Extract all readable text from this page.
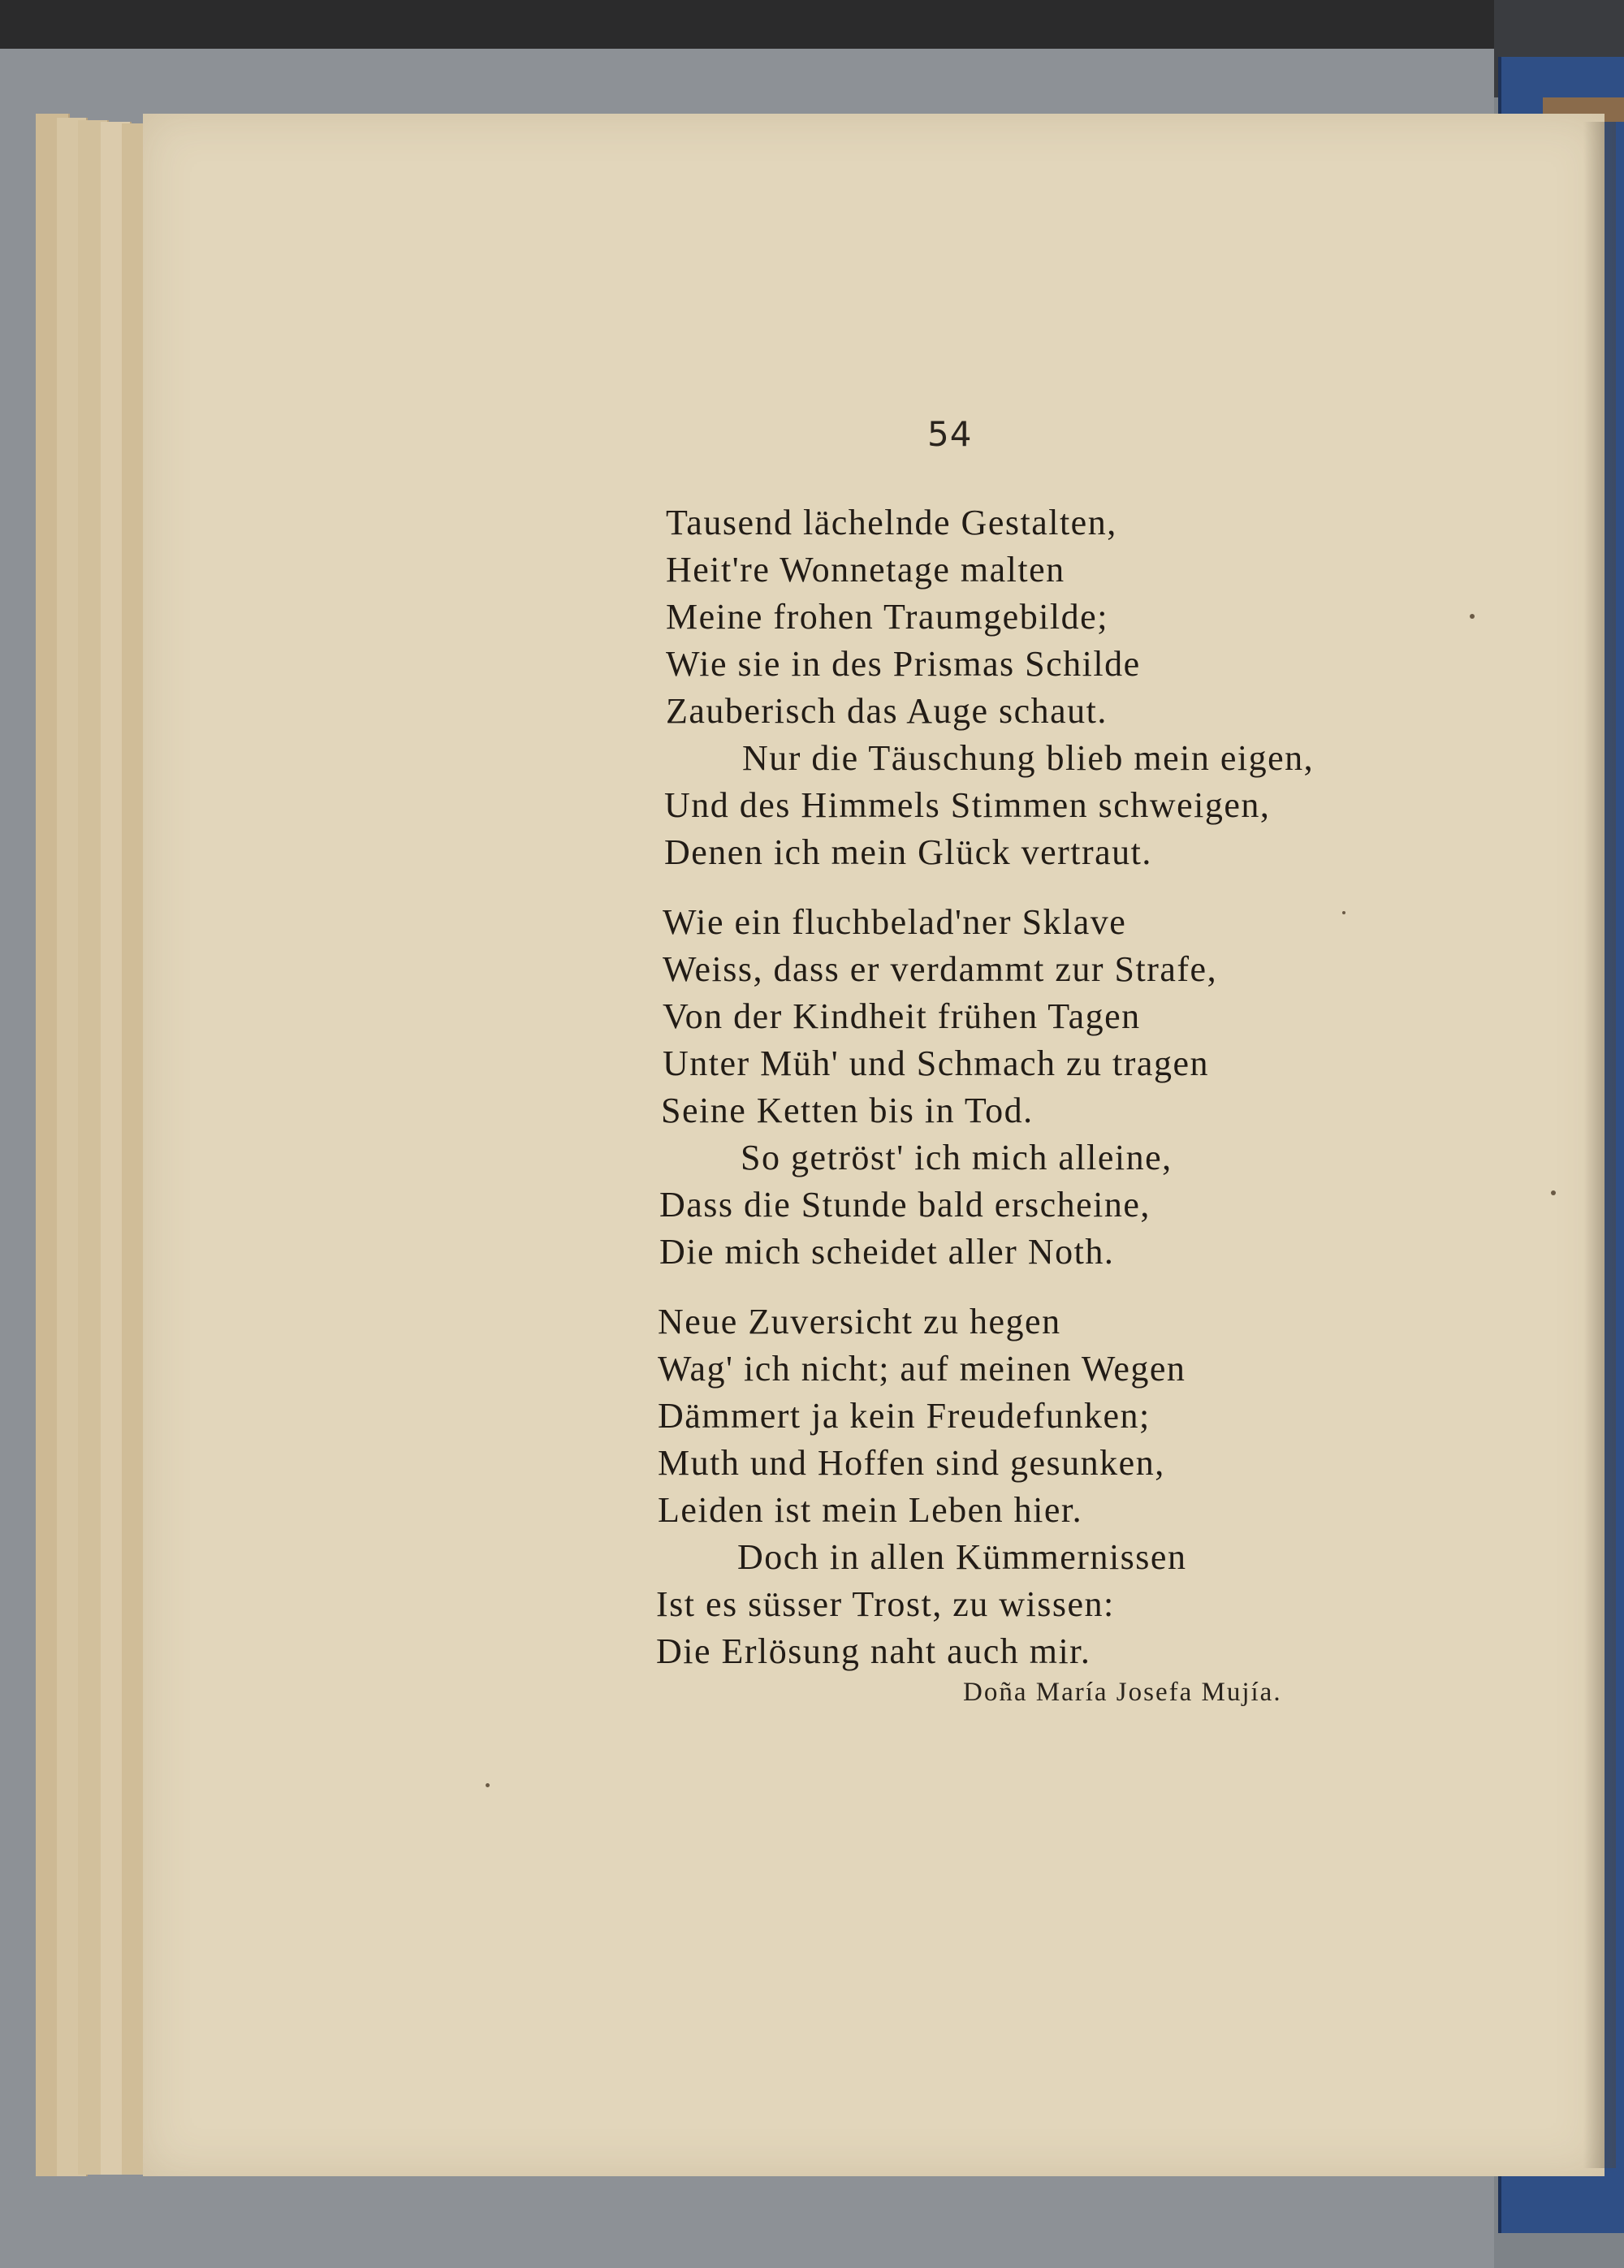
54
Tausend lächelnde Gestalten,
Heit're Wonnetage malten
Meine frohen Traumgebilde;
Wie sie in des Prismas Schilde
Zauberisch das Auge schaut.
Nur die Täuschung blieb mein eigen,
Und des Himmels Stimmen schweigen,
Denen ich mein Glück vertraut.
Wie ein fluchbelad'ner Sklave
Weiss, dass er verdammt zur Strafe,
Von der Kindheit frühen Tagen
Unter Müh' und Schmach zu tragen
Seine Ketten bis in Tod.
So getröst' ich mich alleine,
Dass die Stunde bald erscheine,
Die mich scheidet aller Noth.
Neue Zuversicht zu hegen
Wag' ich nicht; auf meinen Wegen
Dämmert ja kein Freudefunken;
Muth und Hoffen sind gesunken,
Leiden ist mein Leben hier.
Doch in allen Kümmernissen
Ist es süsser Trost, zu wissen:
Die Erlösung naht auch mir.
Doña María Josefa Mujía.
